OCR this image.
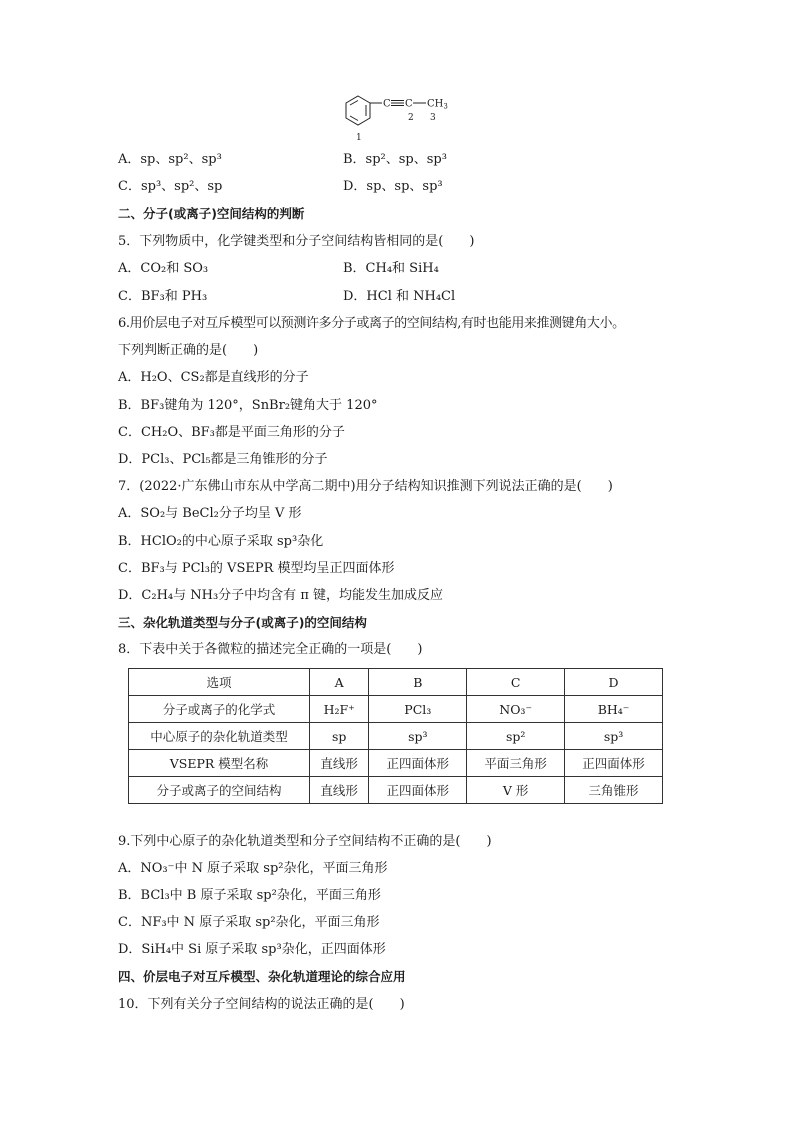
C C $CH_3$
1
2 3
A．sp、sp²、sp³	B．sp²、sp、sp³
C．sp³、sp²、sp	D．sp、sp、sp³
二、分子(或离子)空间结构的判断
5．下列物质中，化学键类型和分子空间结构皆相同的是(　　)
A．CO₂和 SO₃	B．CH₄和 SiH₄
C．BF₃和 PH₃	D．HCl 和 NH₄Cl
6.用价层电子对互斥模型可以预测许多分子或离子的空间结构,有时也能用来推测键角大小。
下列判断正确的是(　　)
A．H₂O、CS₂都是直线形的分子
B．BF₃键角为 120°，SnBr₂键角大于 120°
C．CH₂O、BF₃都是平面三角形的分子
D．PCl₃、PCl₅都是三角锥形的分子
7．(2022·广东佛山市东从中学高二期中)用分子结构知识推测下列说法正确的是(　　)
A．SO₂与 BeCl₂分子均呈 V 形
B．HClO₂的中心原子采取 sp³杂化
C．BF₃与 PCl₃的 VSEPR 模型均呈正四面体形
D．C₂H₄与 NH₃分子中均含有 π 键，均能发生加成反应
三、杂化轨道类型与分子(或离子)的空间结构
8．下表中关于各微粒的描述完全正确的一项是(　　)
选项	A	B	C	D
分子或离子的化学式	H₂F⁺	PCl₃	NO₃⁻	BH₄⁻
中心原子的杂化轨道类型	sp	sp³	sp²	sp³
VSEPR 模型名称	直线形	正四面体形	平面三角形	正四面体形
分子或离子的空间结构	直线形	正四面体形	V 形	三角锥形
9.下列中心原子的杂化轨道类型和分子空间结构不正确的是(　　)
A．NO₃⁻中 N 原子采取 sp²杂化，平面三角形
B．BCl₃中 B 原子采取 sp²杂化，平面三角形
C．NF₃中 N 原子采取 sp²杂化，平面三角形
D．SiH₄中 Si 原子采取 sp³杂化，正四面体形
四、价层电子对互斥模型、杂化轨道理论的综合应用
10．下列有关分子空间结构的说法正确的是(　　)
